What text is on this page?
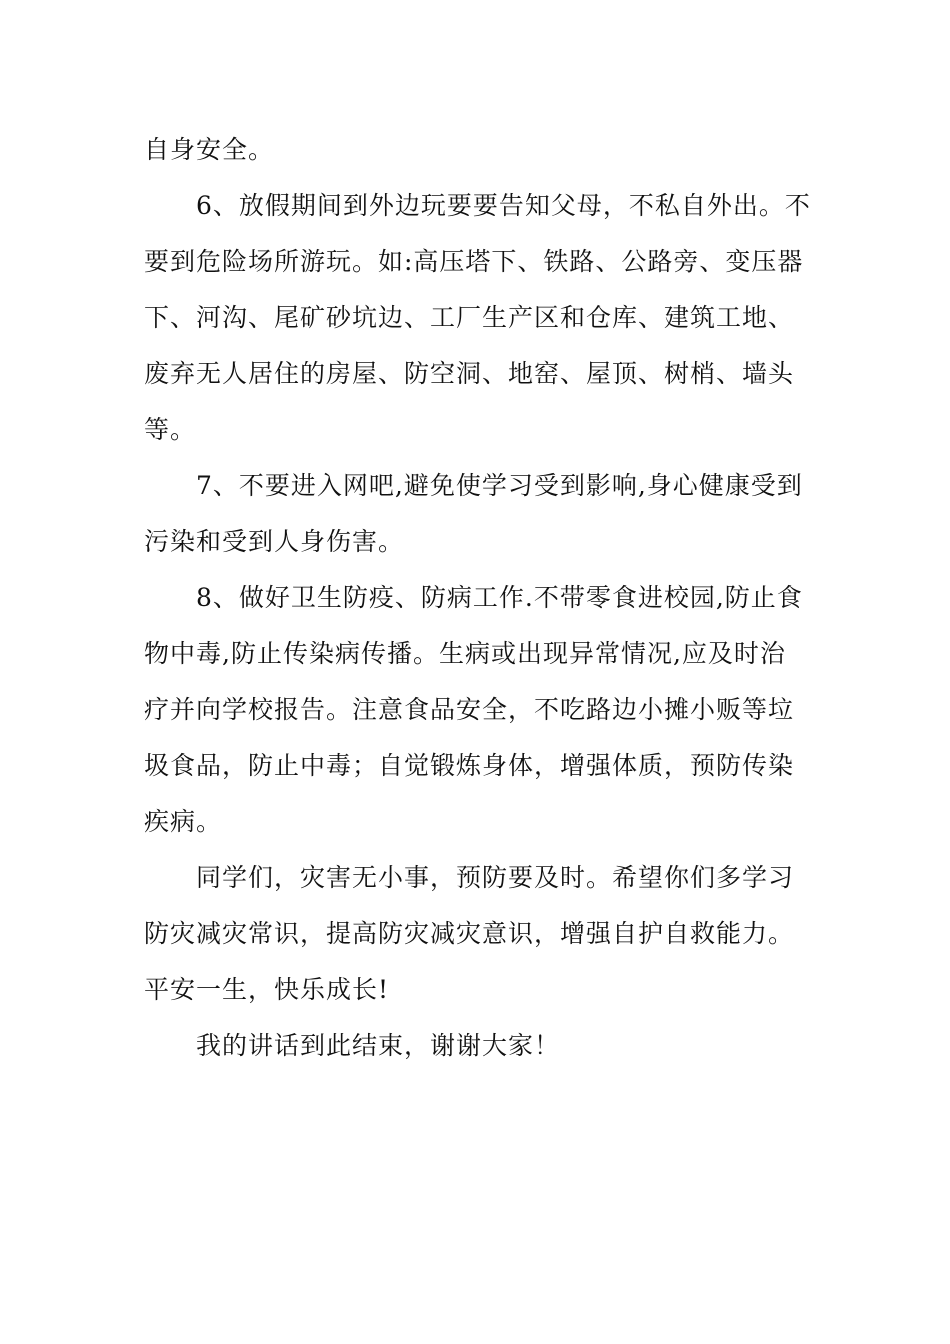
自身安全。

6、放假期间到外边玩要要告知父母，不私自外出。不
要到危险场所游玩。如:高压塔下、铁路、公路旁、变压器
下、河沟、尾矿砂坑边、工厂生产区和仓库、建筑工地、
废弃无人居住的房屋、防空洞、地窑、屋顶、树梢、墙头
等。

7、不要进入网吧,避免使学习受到影响,身心健康受到
污染和受到人身伤害。

8、做好卫生防疫、防病工作.不带零食进校园,防止食
物中毒,防止传染病传播。生病或出现异常情况,应及时治
疗并向学校报告。注意食品安全，不吃路边小摊小贩等垃
圾食品，防止中毒；自觉锻炼身体，增强体质，预防传染
疾病。

同学们，灾害无小事，预防要及时。希望你们多学习
防灾减灾常识，提高防灾减灾意识，增强自护自救能力。
平安一生，快乐成长!

我的讲话到此结束，谢谢大家！
